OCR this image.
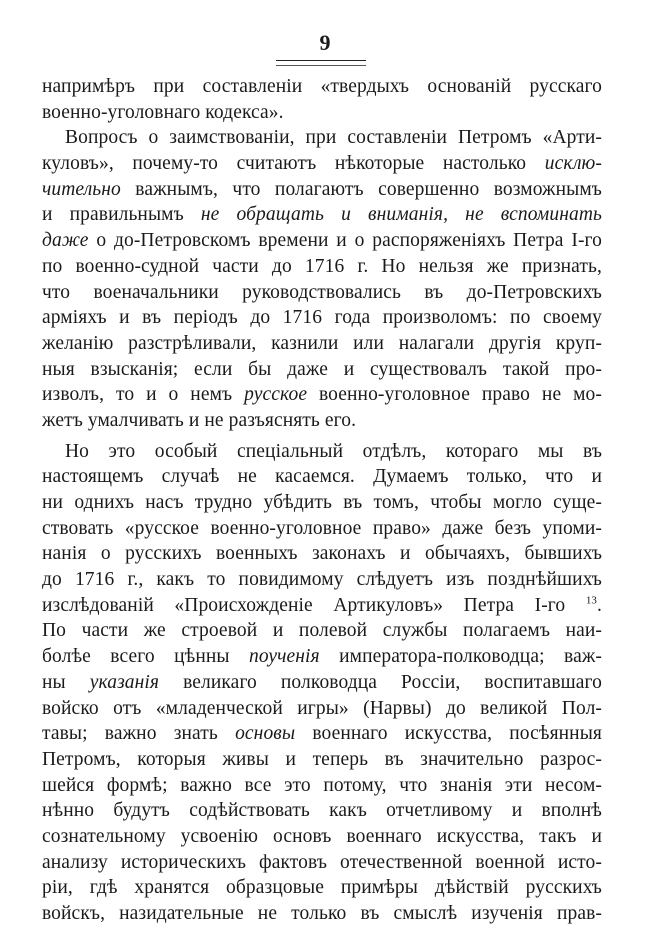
9
напримѣръ при составленіи «твердыхъ основаній русскаго
военно-уголовнаго кодекса».
Вопросъ о заимствованіи, при составленіи Петромъ «Арти-
куловъ», почему-то считаютъ нѣкоторые настолько исклю-
чительно важнымъ, что полагаютъ совершенно возможнымъ
и правильнымъ не обращать и вниманія, не вспоминать
даже о до-Петровскомъ времени и о распоряженіяхъ Петра I-го
по военно-судной части до 1716 г. Но нельзя же признать,
что военачальники руководствовались въ до-Петровскихъ
арміяхъ и въ періодъ до 1716 года произволомъ: по своему
желанію разстрѣливали, казнили или налагали другія круп-
ныя взысканія; если бы даже и существовалъ такой про-
изволъ, то и о немъ русское военно-уголовное право не мо-
жетъ умалчивать и не разъяснять его.
Но это особый спеціальный отдѣлъ, котораго мы въ
настоящемъ случаѣ не касаемся. Думаемъ только, что и
ни однихъ насъ трудно убѣдить въ томъ, чтобы могло суще-
ствовать «русское военно-уголовное право» даже безъ упоми-
нанія о русскихъ военныхъ законахъ и обычаяхъ, бывшихъ
до 1716 г., какъ то повидимому слѣдуетъ изъ позднѣйшихъ
изслѣдованій «Происхожденіе Артикуловъ» Петра I-го $^{13}$.
По части же строевой и полевой службы полагаемъ наи-
болѣе всего цѣнны поученія императора-полководца; важ-
ны указанія великаго полководца Россіи, воспитавшаго
войско отъ «младенческой игры» (Нарвы) до великой Пол-
тавы; важно знать основы военнаго искусства, посѣянныя
Петромъ, которыя живы и теперь въ значительно разрос-
шейся формѣ; важно все это потому, что знанія эти несом-
нѣнно будутъ содѣйствовать какъ отчетливому и вполнѣ
сознательному усвоенію основъ военнаго искусства, такъ и
анализу историческихъ фактовъ отечественной военной исто-
ріи, гдѣ хранятся образцовые примѣры дѣйствій русскихъ
войскъ, назидательные не только въ смыслѣ изученія прав-
